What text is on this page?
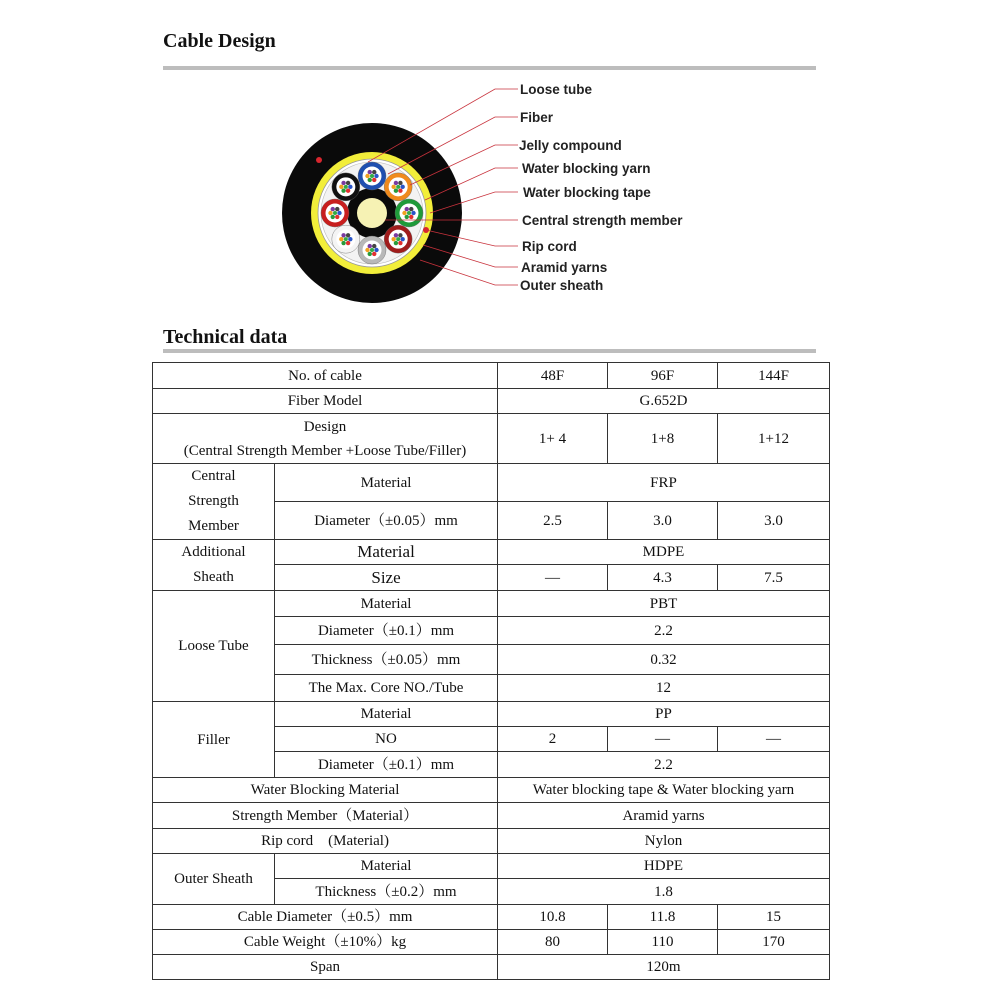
Cable Design
Loose tube
Fiber
Jelly compound
Water blocking yarn
Water blocking tape
Central strength member
Rip cord
Aramid yarns
Outer sheath
Technical data
No. of cable		48F	96F	144F
Fiber Model		G.652D		

Design
(Central Strength Member +Loose Tube/Filler)		1+ 4	1+8	1+12
Central Strength Member	Material	FRP		
	Diameter（±0.05）mm	2.5	3.0	3.0

Additional
Sheath	Material	MDPE		
	Size	—	4.3	7.5
Loose Tube	Material	PBT		
	Diameter（±0.1）mm	2.2		
	Thickness（±0.05）mm	0.32		
	The Max. Core NO./Tube	12		
Filler	Material	PP		
	NO	2	—	—
	Diameter（±0.1）mm	2.2		
Water Blocking Material		Water blocking tape & Water blocking yarn		
Strength Member（Material）		Aramid yarns		
Rip cord　(Material)		Nylon		
Outer Sheath	Material	HDPE		
	Thickness（±0.2）mm	1.8		
Cable Diameter（±0.5）mm		10.8	11.8	15
Cable Weight（±10%）kg		80	110	170
Span		120m		
